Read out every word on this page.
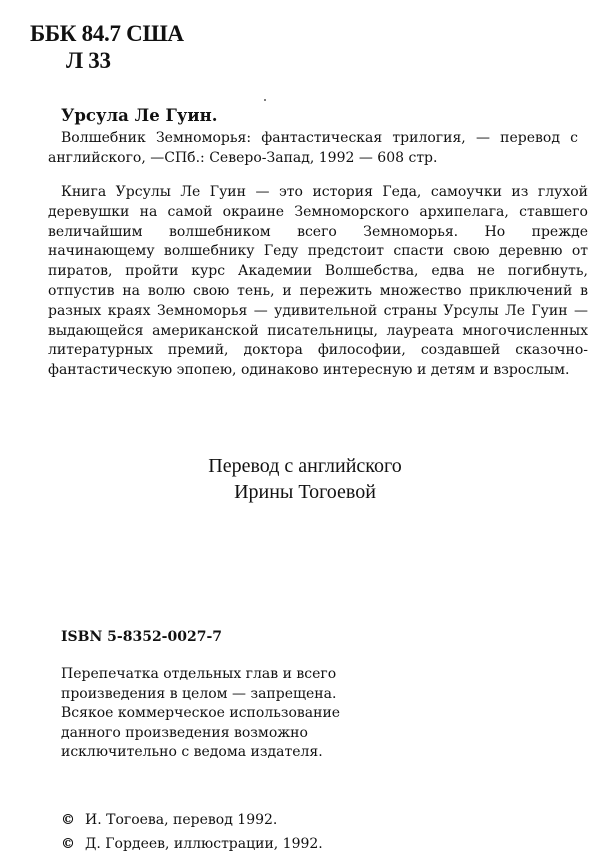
ББК 84.7 США
Л 33
Урсула Ле Гуин.

Волшебник Земноморья: фантастическая трилогия, — перевод с английского, —СПб.: Северо-Запад, 1992 — 608 стр.

Книга Урсулы Ле Гуин — это история Геда, самоучки из глухой деревушки на самой окраине Земноморского архипелага, ставшего величайшим волшебником всего Земноморья. Но прежде начинающему волшебнику Геду предстоит спасти свою деревню от пиратов, пройти курс Академии Волшебства, едва не погибнуть, отпустив на волю свою тень, и пережить множество приключений в разных краях Земноморья — удивительной страны Урсулы Ле Гуин — выдающейся американской писательницы, лауреата многочисленных литературных премий, доктора философии, создавшей сказочно-фантастическую эпопею, одинаково интересную и детям и взрослым.

Перевод с английского
Ирины Тогоевой
ISBN 5-8352-0027-7
Перепечатка отдельных глав и всего
произведения в целом — запрещена.
Всякое коммерческое использование
данного произведения возможно
исключительно с ведома издателя.
© И. Тогоева, перевод 1992.
© Д. Гордеев, иллюстрации, 1992.
